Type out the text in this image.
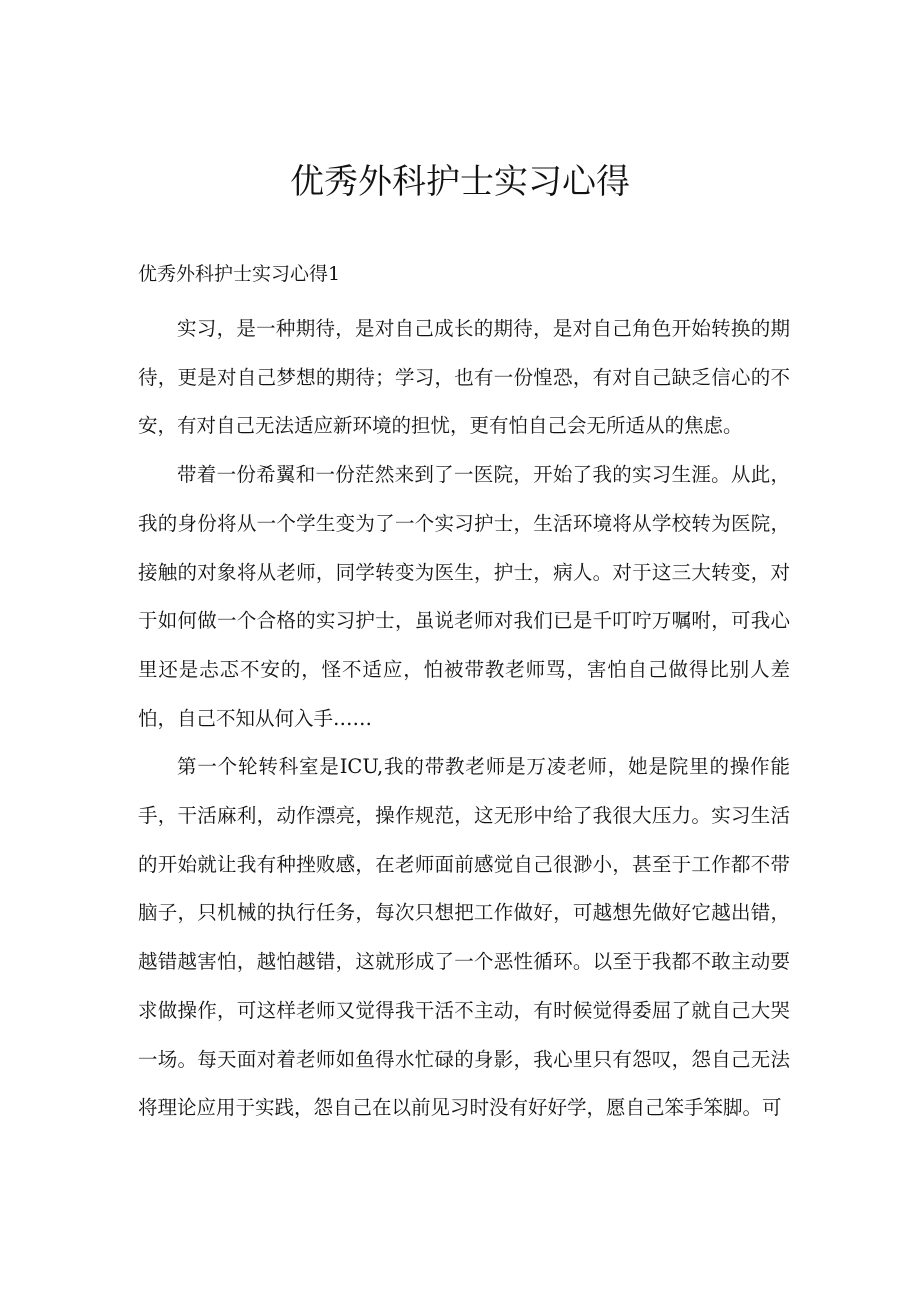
优秀外科护士实习心得
优秀外科护士实习心得1

实习，是一种期待，是对自己成长的期待，是对自己角色开始转换的期待，更是对自己梦想的期待；学习，也有一份惶恐，有对自己缺乏信心的不安，有对自己无法适应新环境的担忧，更有怕自己会无所适从的焦虑。

带着一份希翼和一份茫然来到了一医院，开始了我的实习生涯。从此，我的身份将从一个学生变为了一个实习护士，生活环境将从学校转为医院，接触的对象将从老师，同学转变为医生，护士，病人。对于这三大转变，对于如何做一个合格的实习护士，虽说老师对我们已是千叮咛万嘱咐，可我心里还是忐忑不安的，怪不适应，怕被带教老师骂，害怕自己做得比别人差怕，自己不知从何入手……

第一个轮转科室是ICU,我的带教老师是万凌老师，她是院里的操作能手，干活麻利，动作漂亮，操作规范，这无形中给了我很大压力。实习生活的开始就让我有种挫败感，在老师面前感觉自己很渺小，甚至于工作都不带脑子，只机械的执行任务，每次只想把工作做好，可越想先做好它越出错，越错越害怕，越怕越错，这就形成了一个恶性循环。以至于我都不敢主动要求做操作，可这样老师又觉得我干活不主动，有时候觉得委屈了就自己大哭一场。每天面对着老师如鱼得水忙碌的身影，我心里只有怨叹，怨自己无法将理论应用于实践，怨自己在以前见习时没有好好学，愿自己笨手笨脚。可
